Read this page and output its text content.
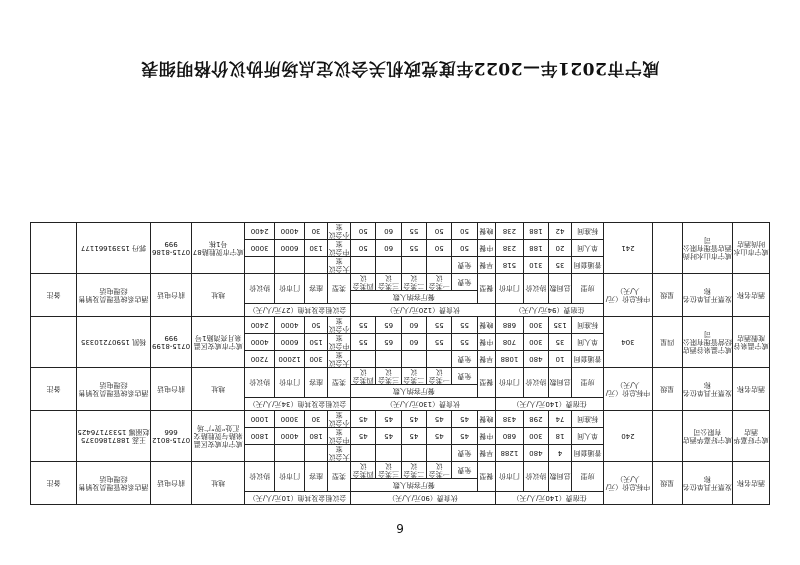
咸宁市2021年—2022年度党政机关会议定点场所协议价格明细表
酒店名称	发票开具单位名称	星级	中标总价（元/人/天）	住宿费（140元/人/天）				伙食费（90元/人/天）						会议租金及其他（10元/人/天）				地址	前台电话	酒店系统管理员及销售经理电话	备注
				房型	总间数	协议价	门市价	餐型	餐厅容纳人数					类型	座容	门市价	协议价				
									免费	一类会议	二类会议	三类会议	四类会议								
咸宁好嘉华酒店	咸宁好嘉华酒店有限公司		240	普通套间	4	480	1288	早餐	免费					大会议室				咸宁市咸安区温泉路与贺胜路交汇处“贺”广场	0715-8012666	王蕊 18871860375 赵丽娜 15337176425	
				单人间	18	300	680	中餐	45	45	45	45	45	中会议室	180	4000	1800				
				标准间	74	298	438	晚餐	45	45	45	45	45	小会议室	30	3000	1000				
酒店名称	发票开具单位名称	星级	中标总价（元/人/天）	住宿费（140元/人/天）				伙食费（130元/人/天）						会议租金及其他（34元/人/天）				地址	前台电话	酒店系统管理员及销售经理电话	备注
				房型	总间数	协议价	门市价	餐型	餐厅容纳人数					类型	座容	门市价	协议价				
									免费	一类会议	二类会议	三类会议	四类会议								
咸宁温泉谷度假酒店	咸宁温泉谷酒店经营管理有限公司	四星	304	普通套间	10	480	1088	早餐	免费					大会议室	300	12000	7200	咸宁市咸安区温泉月亮湾路1号	0715-8199999	杨凯 15907210335	
				单人间	35	300	708	中餐	55	55	60	65	55	中会议室	150	6000	4000				
				标准间	135	300	688	晚餐	55	55	60	65	55	小会议室	50	4000	2400				
酒店名称	发票开具单位名称	星级	中标总价（元/人/天）	住宿费（94元/人/天）				伙食费（120元/人/天）						会议租金及其他（27元/人/天）				地址	前台电话	酒店系统管理员及销售经理电话	备注
				房型	总间数	协议价	门市价	餐型	餐厅容纳人数					类型	座容	门市价	协议价				
									免费	一类会议	二类会议	三类会议	四类会议								
咸宁市山水时尚酒店	咸宁市山水时尚酒店管理有限公司		241	普通套间	35	310	518	早餐	免费					大会议室				咸宁市贺胜路87号1栋	0715-8186999	郭丹 15391661177	
				单人间	20	188	238	中餐	50	50	55	60	50	中会议室	130	6000	3000				
				标准间	42	188	238	晚餐	50	50	55	60	50	小会议室	30	4000	2400				
6
